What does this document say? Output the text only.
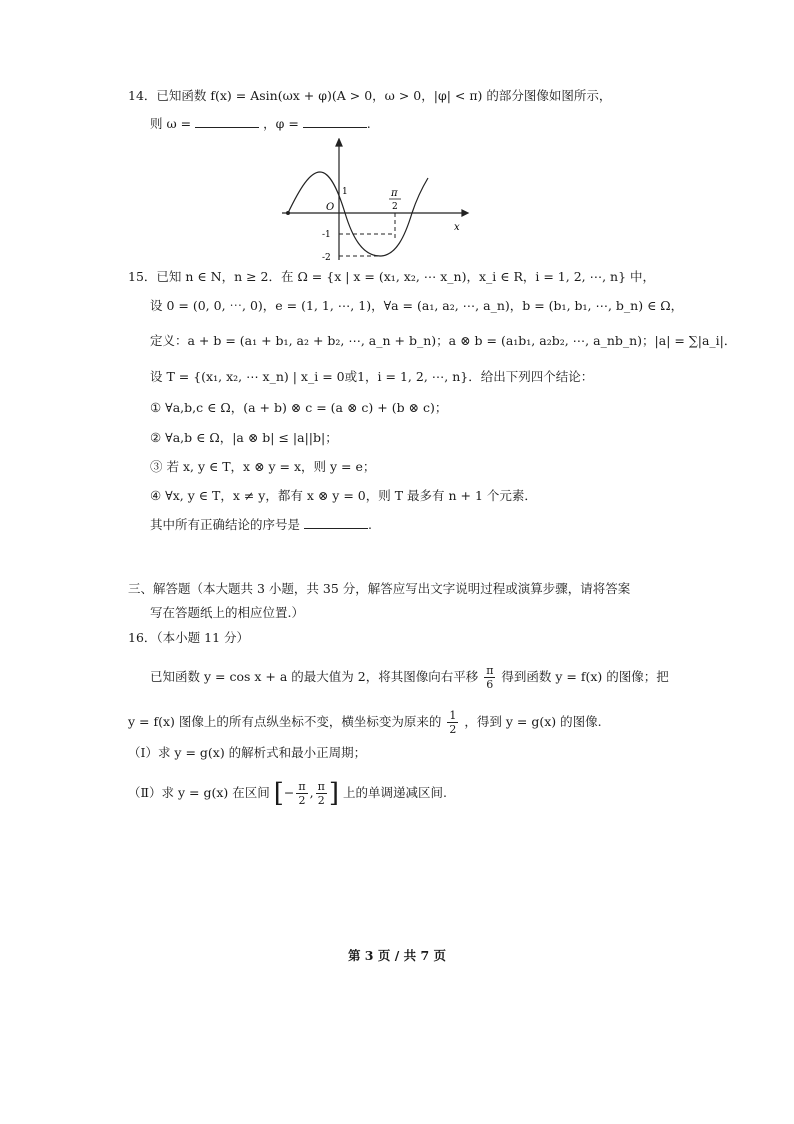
14．已知函数 f(x) = Asin(ωx + φ)(A > 0，ω > 0，|φ| < π) 的部分图像如图所示，
则 ω =	，φ =	.
O
x
1
-1
-2
π
2
15．已知 n ∈ N，n ≥ 2．在 Ω = {x | x = (x₁, x₂, ⋯ x_n)，x_i ∈ R，i = 1, 2, ⋯, n} 中，
设 0 = (0, 0, ⋯, 0)，e = (1, 1, ⋯, 1)，∀a = (a₁, a₂, ⋯, a_n)，b = (b₁, b₁, ⋯, b_n) ∈ Ω，
定义：a + b = (a₁ + b₁, a₂ + b₂, ⋯, a_n + b_n)；a ⊗ b = (a₁b₁, a₂b₂, ⋯, a_nb_n)；|a| = ∑|a_i|．
设 T = {(x₁, x₂, ⋯ x_n) | x_i = 0或1，i = 1, 2, ⋯, n}．给出下列四个结论：
① ∀a,b,c ∈ Ω，(a + b) ⊗ c = (a ⊗ c) + (b ⊗ c)；
② ∀a,b ∈ Ω，|a ⊗ b| ≤ |a||b|；
③ 若 x, y ∈ T，x ⊗ y = x，则 y = e；
④ ∀x, y ∈ T，x ≠ y，都有 x ⊗ y = 0，则 T 最多有 n + 1 个元素．
其中所有正确结论的序号是	.
三、解答题（本大题共 3 小题，共 35 分，解答应写出文字说明过程或演算步骤，请将答案
写在答题纸上的相应位置.）
16．（本小题 11 分）
已知函数 y = cos x + a 的最大值为 2，将其图像向右平移 $\frac{\pi}{6}$ 得到函数 y = f(x) 的图像；把
y = f(x) 图像上的所有点纵坐标不变，横坐标变为原来的 $\frac{1}{2}$ ，得到 y = g(x) 的图像.
（Ⅰ）求 y = g(x) 的解析式和最小正周期；
（Ⅱ）求 y = g(x) 在区间 [− $\frac{\pi}{2}$ , $\frac{\pi}{2}$ ] 上的单调递减区间.
第 3 页 / 共 7 页
